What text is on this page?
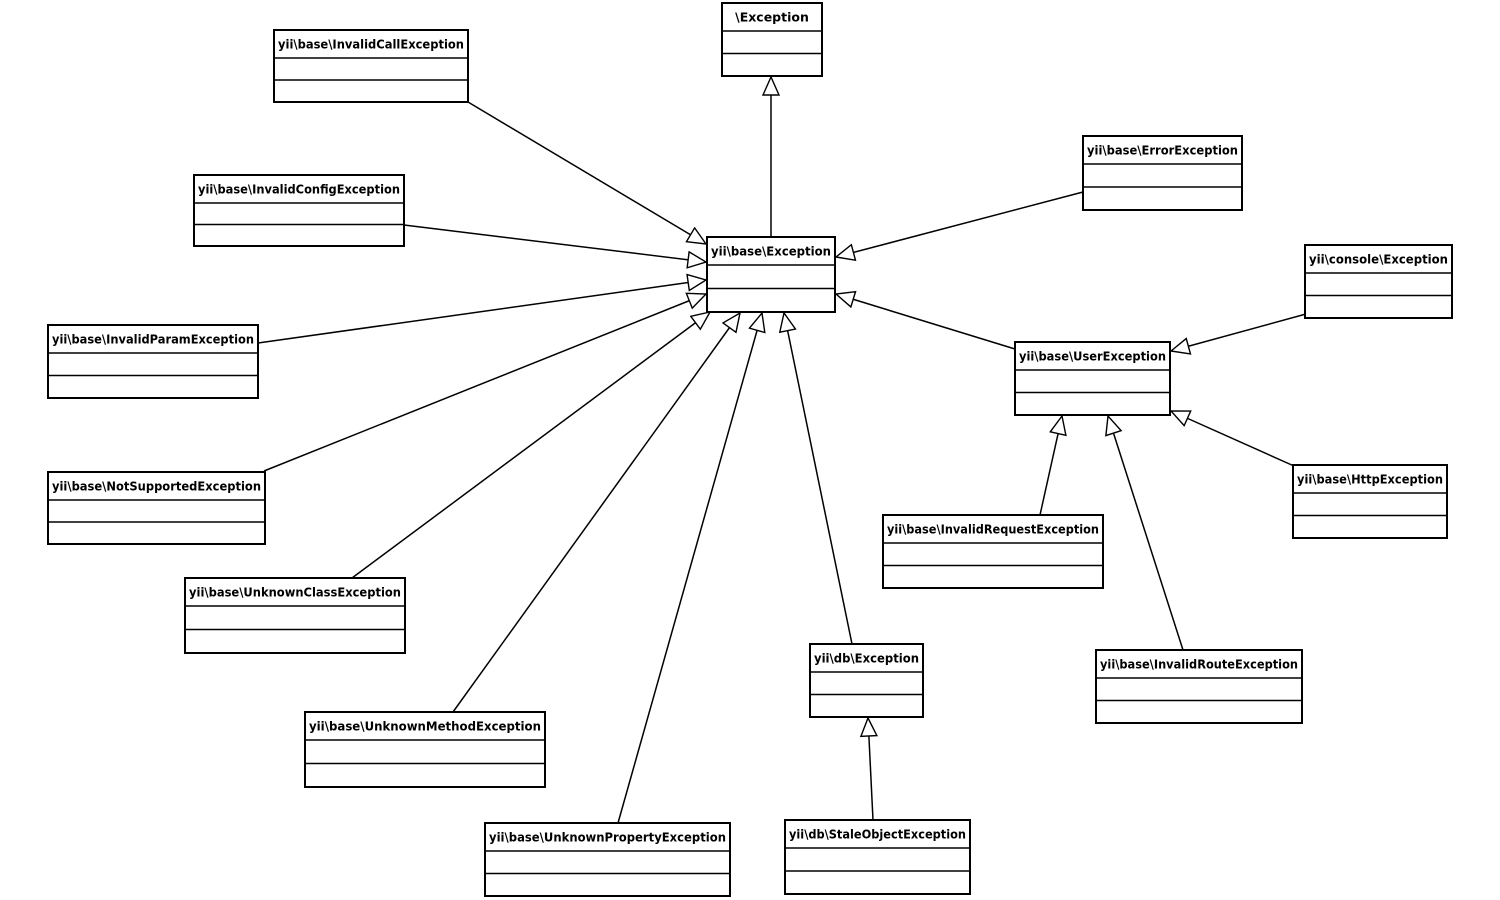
\Exception
yii\base\Exception
yii\base\InvalidCallException
yii\base\InvalidConfigException
yii\base\InvalidParamException
yii\base\NotSupportedException
yii\base\UnknownClassException
yii\base\UnknownMethodException
yii\base\UnknownPropertyException
yii\base\ErrorException
yii\console\Exception
yii\base\UserException
yii\base\HttpException
yii\base\InvalidRequestException
yii\base\InvalidRouteException
yii\db\Exception
yii\db\StaleObjectException
